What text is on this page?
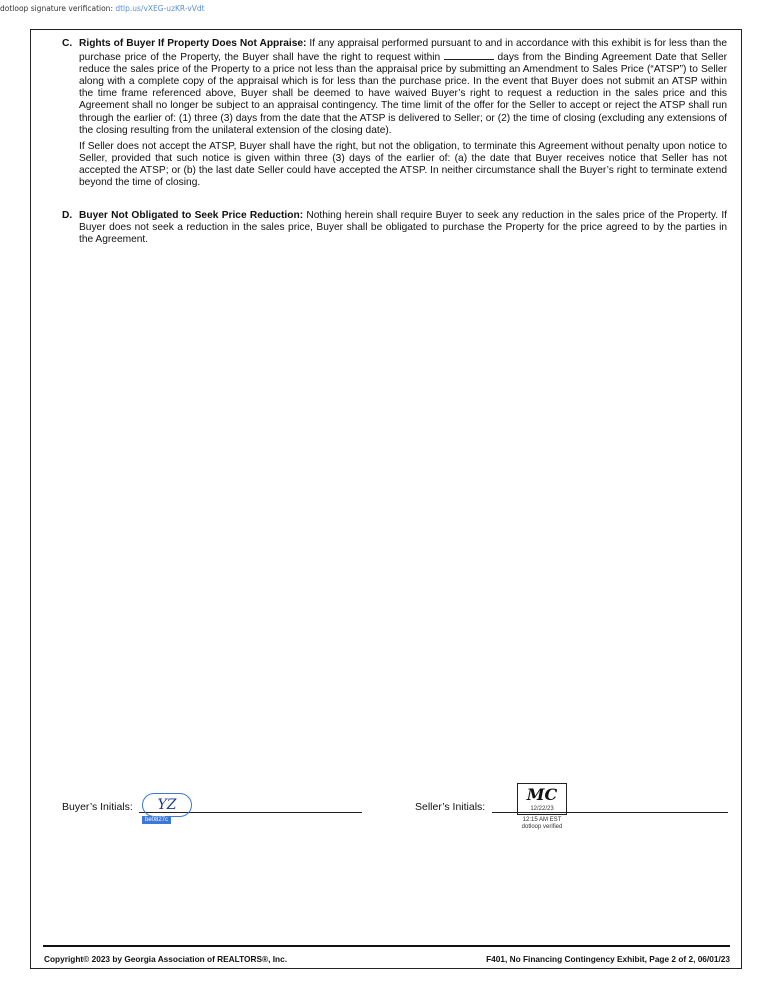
dotloop signature verification: dtlp.us/vXEG-uzKR-vVdt
C. Rights of Buyer If Property Does Not Appraise: If any appraisal performed pursuant to and in accordance with this exhibit is for less than the purchase price of the Property, the Buyer shall have the right to request within	days from the Binding Agreement Date that Seller reduce the sales price of the Property to a price not less than the appraisal price by submitting an Amendment to Sales Price (“ATSP”) to Seller along with a complete copy of the appraisal which is for less than the purchase price. In the event that Buyer does not submit an ATSP within the time frame referenced above, Buyer shall be deemed to have waived Buyer’s right to request a reduction in the sales price and this Agreement shall no longer be subject to an appraisal contingency. The time limit of the offer for the Seller to accept or reject the ATSP shall run through the earlier of: (1) three (3) days from the date that the ATSP is delivered to Seller; or (2) the time of closing (excluding any extensions of the closing resulting from the unilateral extension of the closing date).

If Seller does not accept the ATSP, Buyer shall have the right, but not the obligation, to terminate this Agreement without penalty upon notice to Seller, provided that such notice is given within three (3) days of the earlier of: (a) the date that Buyer receives notice that Seller has not accepted the ATSP; or (b) the last date Seller could have accepted the ATSP. In neither circumstance shall the Buyer’s right to terminate extend beyond the time of closing.

D. Buyer Not Obligated to Seek Price Reduction: Nothing herein shall require Buyer to seek any reduction in the sales price of the Property. If Buyer does not seek a reduction in the sales price, Buyer shall be obligated to purchase the Property for the price agreed to by the parties in the Agreement.

Buyer’s Initials:	YZ
be0827c
Seller’s Initials:
MC
12/22/23
12:15 AM EST
dotloop verified
Copyright© 2023 by Georgia Association of REALTORS®, Inc.	F401, No Financing Contingency Exhibit, Page 2 of 2, 06/01/23
